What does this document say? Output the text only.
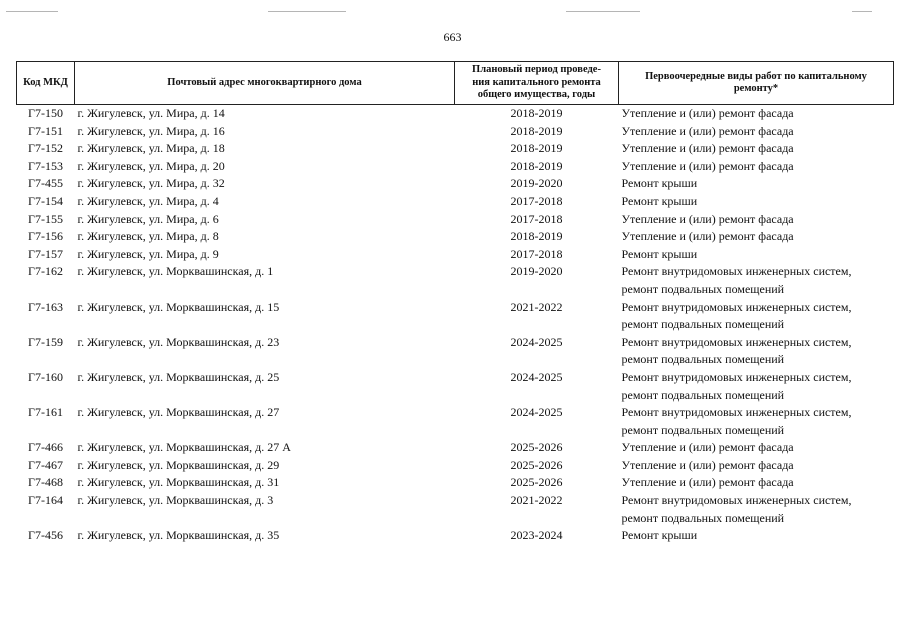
663
Код МКД	Почтовый адрес многоквартирного дома	Плановый период проведе-
ния капитального ремонта
общего имущества, годы	Первоочередные виды работ по капитальному
ремонту*
Г7-150	г. Жигулевск, ул. Мира, д. 14	2018-2019	Утепление и (или) ремонт фасада
Г7-151	г. Жигулевск, ул. Мира, д. 16	2018-2019	Утепление и (или) ремонт фасада
Г7-152	г. Жигулевск, ул. Мира, д. 18	2018-2019	Утепление и (или) ремонт фасада
Г7-153	г. Жигулевск, ул. Мира, д. 20	2018-2019	Утепление и (или) ремонт фасада
Г7-455	г. Жигулевск, ул. Мира, д. 32	2019-2020	Ремонт крыши
Г7-154	г. Жигулевск, ул. Мира, д. 4	2017-2018	Ремонт крыши
Г7-155	г. Жигулевск, ул. Мира, д. 6	2017-2018	Утепление и (или) ремонт фасада
Г7-156	г. Жигулевск, ул. Мира, д. 8	2018-2019	Утепление и (или) ремонт фасада
Г7-157	г. Жигулевск, ул. Мира, д. 9	2017-2018	Ремонт крыши
Г7-162	г. Жигулевск, ул. Морквашинская, д. 1	2019-2020	Ремонт внутридомовых инженерных систем,
ремонт подвальных помещений
Г7-163	г. Жигулевск, ул. Морквашинская, д. 15	2021-2022	Ремонт внутридомовых инженерных систем,
ремонт подвальных помещений
Г7-159	г. Жигулевск, ул. Морквашинская, д. 23	2024-2025	Ремонт внутридомовых инженерных систем,
ремонт подвальных помещений
Г7-160	г. Жигулевск, ул. Морквашинская, д. 25	2024-2025	Ремонт внутридомовых инженерных систем,
ремонт подвальных помещений
Г7-161	г. Жигулевск, ул. Морквашинская, д. 27	2024-2025	Ремонт внутридомовых инженерных систем,
ремонт подвальных помещений
Г7-466	г. Жигулевск, ул. Морквашинская, д. 27 А	2025-2026	Утепление и (или) ремонт фасада
Г7-467	г. Жигулевск, ул. Морквашинская, д. 29	2025-2026	Утепление и (или) ремонт фасада
Г7-468	г. Жигулевск, ул. Морквашинская, д. 31	2025-2026	Утепление и (или) ремонт фасада
Г7-164	г. Жигулевск, ул. Морквашинская, д. 3	2021-2022	Ремонт внутридомовых инженерных систем,
ремонт подвальных помещений
Г7-456	г. Жигулевск, ул. Морквашинская, д. 35	2023-2024	Ремонт крыши
